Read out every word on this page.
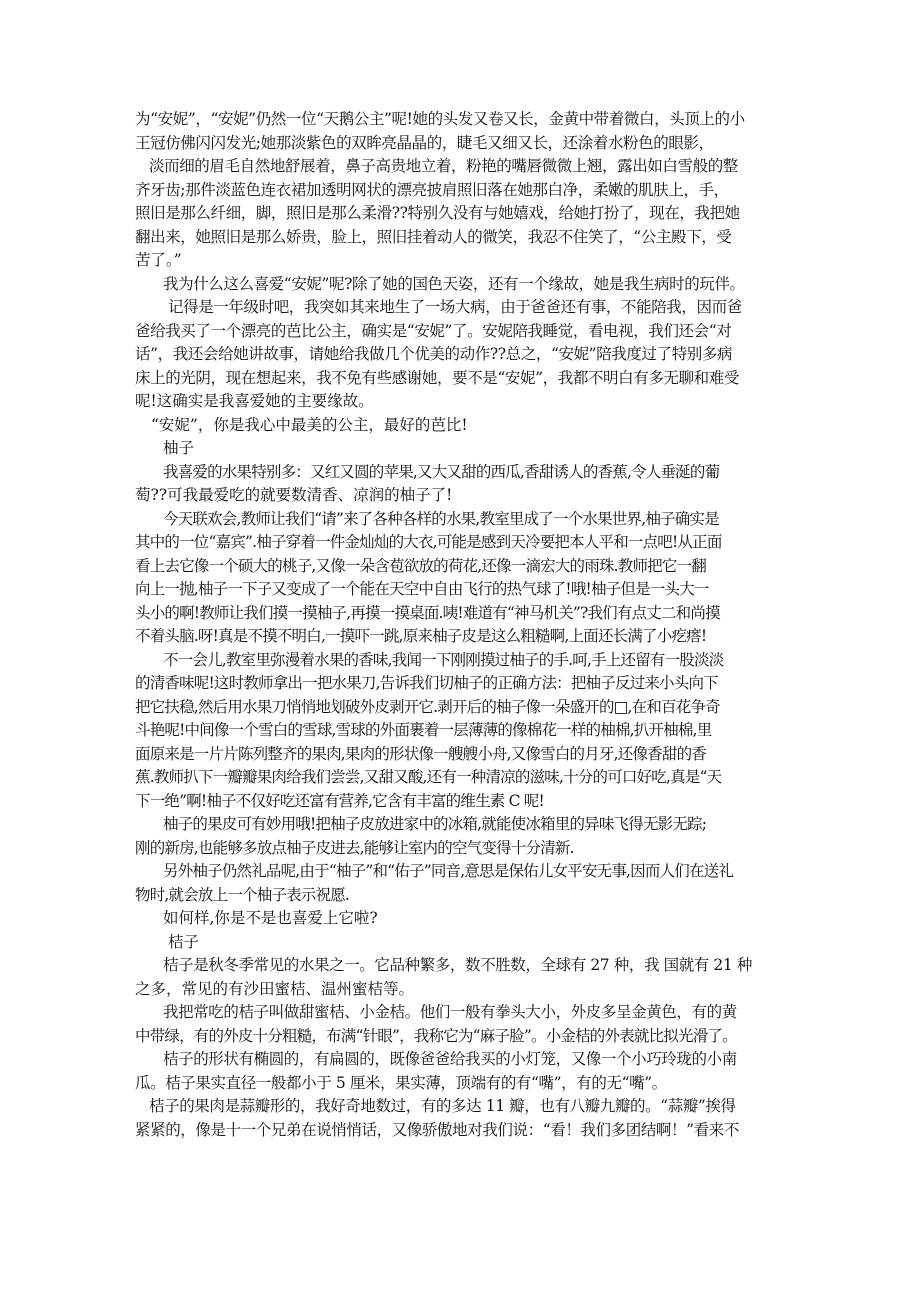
为“安妮”，“安妮”仍然一位“天鹅公主”呢!她的头发又卷又长，金黄中带着微白，头顶上的小
王冠仿佛闪闪发光;她那淡紫色的双眸亮晶晶的，睫毛又细又长，还涂着水粉色的眼影，
淡而细的眉毛自然地舒展着，鼻子高贵地立着，粉艳的嘴唇微微上翘，露出如白雪般的整
齐牙齿;那件淡蓝色连衣裙加透明网状的漂亮披肩照旧落在她那白净，柔嫩的肌肤上，手，
照旧是那么纤细，脚，照旧是那么柔滑??特别久没有与她嬉戏，给她打扮了，现在，我把她
翻出来，她照旧是那么娇贵，脸上，照旧挂着动人的微笑，我忍不住笑了，“公主殿下，受
苦了。”
我为什么这么喜爱“安妮”呢?除了她的国色天姿，还有一个缘故，她是我生病时的玩伴。
记得是一年级时吧，我突如其来地生了一场大病，由于爸爸还有事，不能陪我，因而爸
爸给我买了一个漂亮的芭比公主，确实是“安妮”了。安妮陪我睡觉，看电视，我们还会“对
话”，我还会给她讲故事，请她给我做几个优美的动作??总之，“安妮”陪我度过了特别多病
床上的光阴，现在想起来，我不免有些感谢她，要不是“安妮”，我都不明白有多无聊和难受
呢!这确实是我喜爱她的主要缘故。
“安妮”，你是我心中最美的公主，最好的芭比!
柚子
我喜爱的水果特别多：又红又圆的苹果,又大又甜的西瓜,香甜诱人的香蕉,令人垂涎的葡
萄??可我最爱吃的就要数清香、凉润的柚子了!
今天联欢会,教师让我们“请”来了各种各样的水果,教室里成了一个水果世界,柚子确实是
其中的一位“嘉宾”.柚子穿着一件金灿灿的大衣,可能是感到天冷要把本人平和一点吧!从正面
看上去它像一个硕大的桃子,又像一朵含苞欲放的荷花,还像一滴宏大的雨珠.教师把它一翻
向上一抛,柚子一下子又变成了一个能在天空中自由飞行的热气球了!哦!柚子但是一头大一
头小的啊!教师让我们摸一摸柚子,再摸一摸桌面.咦!难道有“神马机关”?我们有点丈二和尚摸
不着头脑.呀!真是不摸不明白,一摸吓一跳,原来柚子皮是这么粗糙啊,上面还长满了小疙瘩!
不一会儿,教室里弥漫着水果的香味,我闻一下刚刚摸过柚子的手.呵,手上还留有一股淡淡
的清香味呢!这时教师拿出一把水果刀,告诉我们切柚子的正确方法：把柚子反过来小头向下
把它扶稳,然后用水果刀悄悄地划破外皮剥开它.剥开后的柚子像一朵盛开的□,在和百花争奇
斗艳呢!中间像一个雪白的雪球,雪球的外面裹着一层薄薄的像棉花一样的柚棉,扒开柚棉,里
面原来是一片片陈列整齐的果肉,果肉的形状像一艘艘小舟,又像雪白的月牙,还像香甜的香
蕉.教师扒下一瓣瓣果肉给我们尝尝,又甜又酸,还有一种清凉的滋味,十分的可口好吃,真是“天
下一绝”啊!柚子不仅好吃还富有营养,它含有丰富的维生素 C 呢!
柚子的果皮可有妙用哦!把柚子皮放进家中的冰箱,就能使冰箱里的异味飞得无影无踪;
刚的新房,也能够多放点柚子皮进去,能够让室内的空气变得十分清新.
另外柚子仍然礼品呢,由于“柚子”和“佑子”同音,意思是保佑儿女平安无事,因而人们在送礼
物时,就会放上一个柚子表示祝愿.
如何样,你是不是也喜爱上它啦?
桔子
桔子是秋冬季常见的水果之一。它品种繁多，数不胜数，全球有 27 种，我 国就有 21 种
之多，常见的有沙田蜜桔、温州蜜桔等。
我把常吃的桔子叫做甜蜜桔、小金桔。他们一般有拳头大小，外皮多呈金黄色，有的黄
中带绿，有的外皮十分粗糙，布满“针眼”，我称它为“麻子脸”。小金桔的外表就比拟光滑了。
桔子的形状有椭圆的，有扁圆的，既像爸爸给我买的小灯笼，又像一个小巧玲珑的小南
瓜。桔子果实直径一般都小于 5 厘米，果实薄，顶端有的有“嘴”，有的无“嘴”。
桔子的果肉是蒜瓣形的，我好奇地数过，有的多达 11 瓣，也有八瓣九瓣的。“蒜瓣”挨得
紧紧的，像是十一个兄弟在说悄悄话，又像骄傲地对我们说：“看！我们多团结啊！”看来不
